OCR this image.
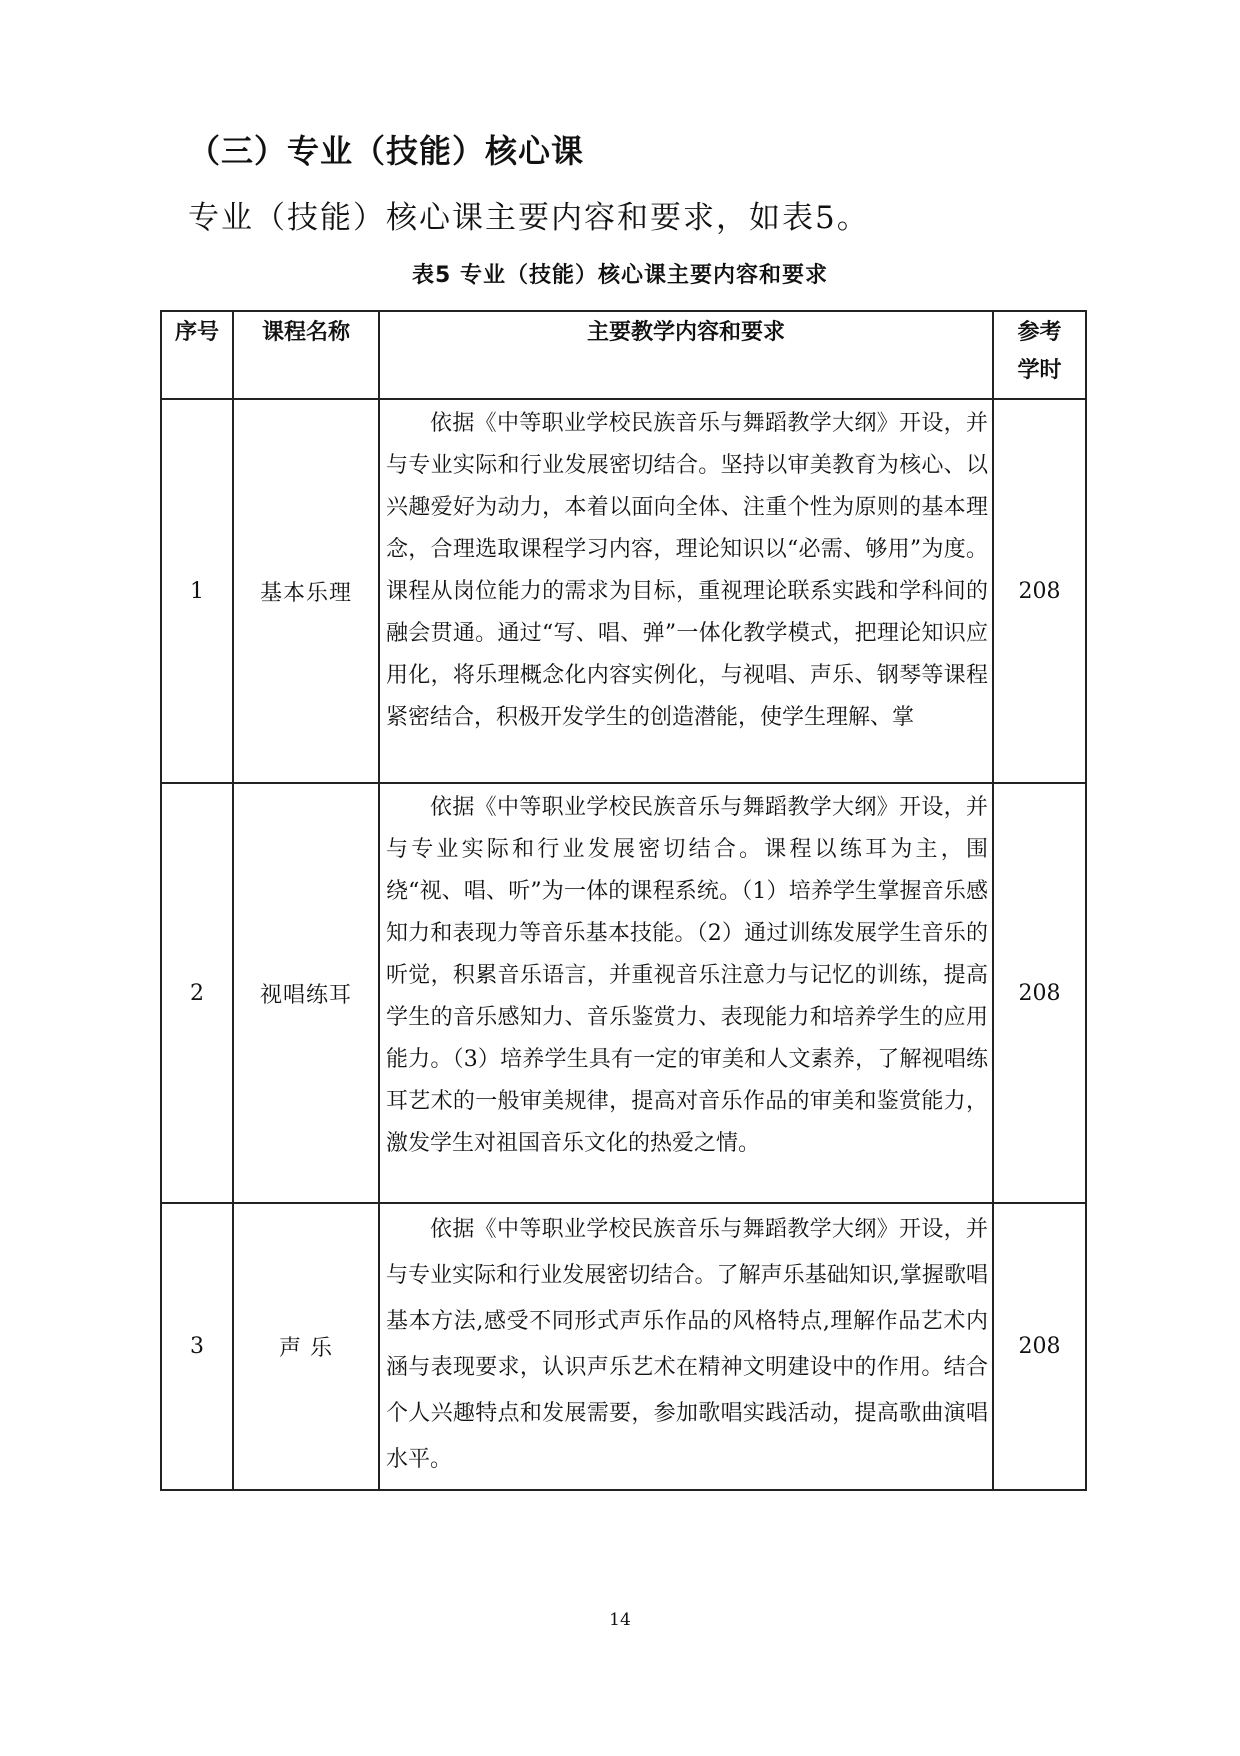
（三）专业（技能）核心课
专业（技能）核心课主要内容和要求，如表5。
表5 专业（技能）核心课主要内容和要求
序号	课程名称	主要教学内容和要求	参考学时

1	基本乐理	依据《中等职业学校民族音乐与舞蹈教学大纲》开设，并与专业实际和行业发展密切结合。坚持以审美教育为核心、以兴趣爱好为动力，本着以面向全体、注重个性为原则的基本理念，合理选取课程学习内容，理论知识以“必需、够用”为度。课程从岗位能力的需求为目标，重视理论联系实践和学科间的融会贯通。通过“写、唱、弹”一体化教学模式，把理论知识应用化，将乐理概念化内容实例化，与视唱、声乐、钢琴等课程紧密结合，积极开发学生的创造潜能，使学生理解、掌	208
2	视唱练耳	依据《中等职业学校民族音乐与舞蹈教学大纲》开设，并与专业实际和行业发展密切结合。课程以练耳为主，围绕“视、唱、听”为一体的课程系统。（1）培养学生掌握音乐感知力和表现力等音乐基本技能。（2）通过训练发展学生音乐的听觉，积累音乐语言，并重视音乐注意力与记忆的训练，提高学生的音乐感知力、音乐鉴赏力、表现能力和培养学生的应用能力。（3）培养学生具有一定的审美和人文素养，了解视唱练耳艺术的一般审美规律，提高对音乐作品的审美和鉴赏能力，激发学生对祖国音乐文化的热爱之情。	208
3	声 乐	依据《中等职业学校民族音乐与舞蹈教学大纲》开设，并与专业实际和行业发展密切结合。了解声乐基础知识,掌握歌唱基本方法,感受不同形式声乐作品的风格特点,理解作品艺术内涵与表现要求，认识声乐艺术在精神文明建设中的作用。结合个人兴趣特点和发展需要，参加歌唱实践活动，提高歌曲演唱水平。	208
14
